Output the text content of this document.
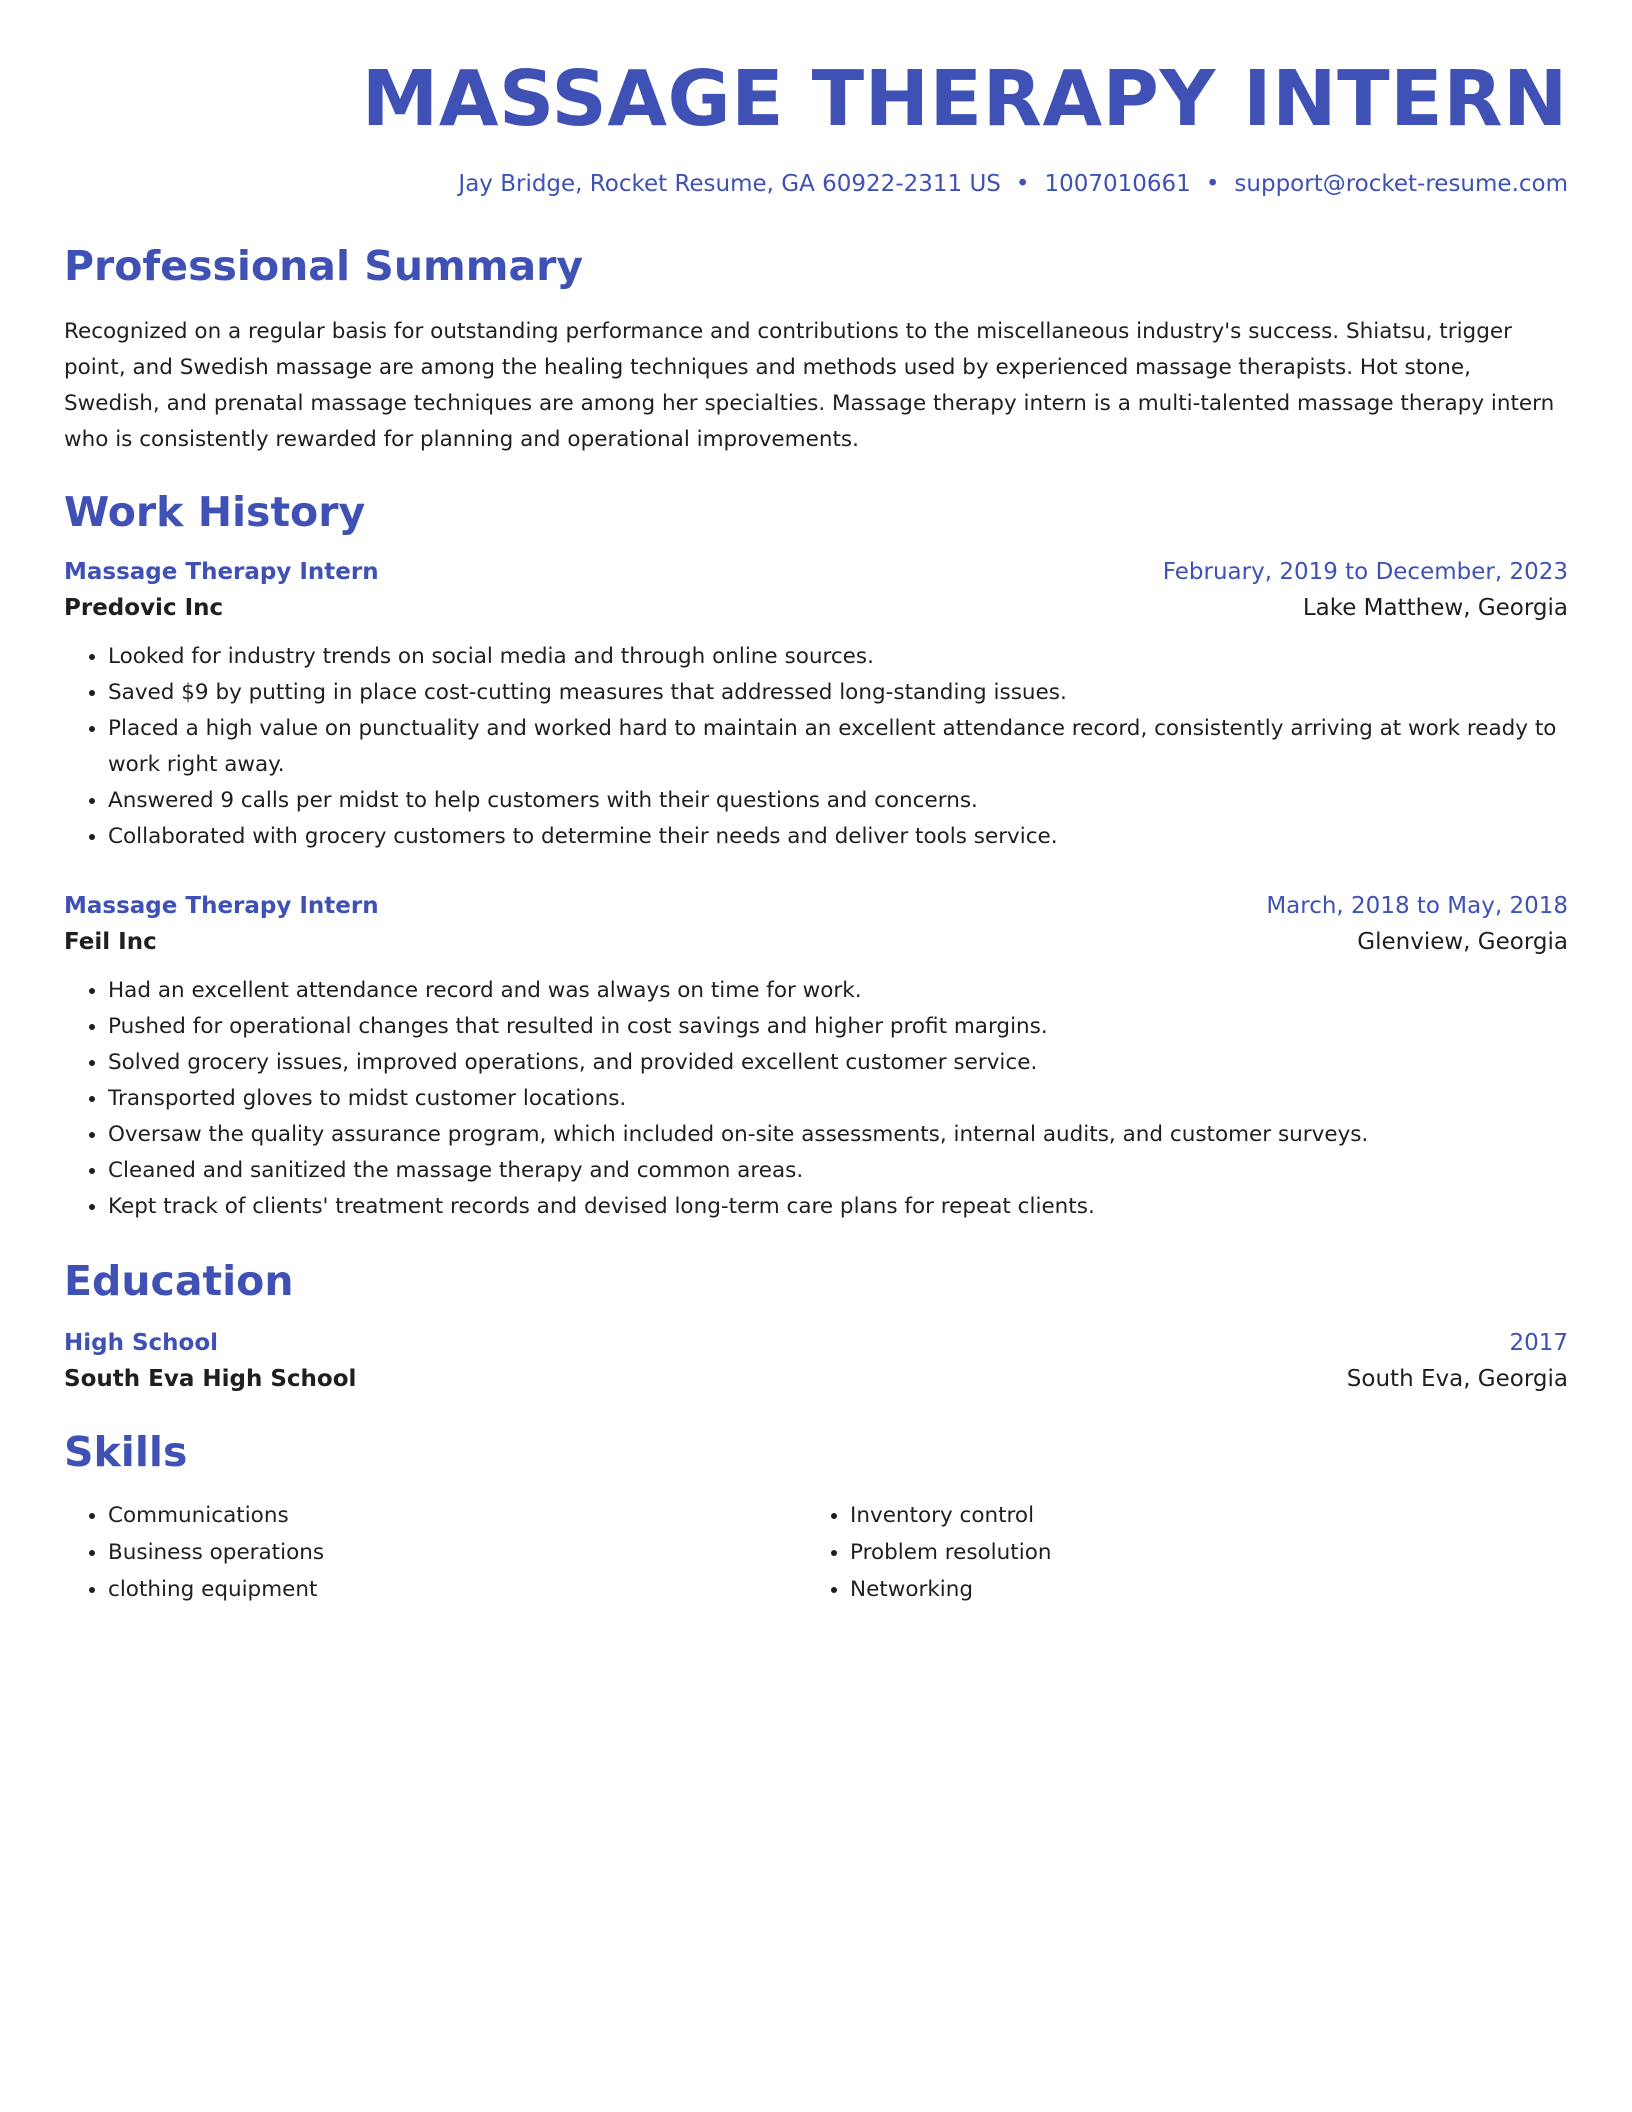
MASSAGE THERAPY INTERN
Jay Bridge, Rocket Resume, GA 60922-2311 US • 1007010661 • support@rocket-resume.com
Professional Summary

Recognized on a regular basis for outstanding performance and contributions to the miscellaneous industry's success. Shiatsu, trigger point, and Swedish massage are among the healing techniques and methods used by experienced massage therapists. Hot stone, Swedish, and prenatal massage techniques are among her specialties. Massage therapy intern is a multi-talented massage therapy intern who is consistently rewarded for planning and operational improvements.

Work History
Massage Therapy Intern	February, 2019 to December, 2023
Predovic Inc	Lake Matthew, Georgia
• Looked for industry trends on social media and through online sources.
• Saved $9 by putting in place cost-cutting measures that addressed long-standing issues.
• Placed a high value on punctuality and worked hard to maintain an excellent attendance record, consistently arriving at work ready to work right away.
• Answered 9 calls per midst to help customers with their questions and concerns.
• Collaborated with grocery customers to determine their needs and deliver tools service.
Massage Therapy Intern	March, 2018 to May, 2018
Feil Inc	Glenview, Georgia
• Had an excellent attendance record and was always on time for work.
• Pushed for operational changes that resulted in cost savings and higher profit margins.
• Solved grocery issues, improved operations, and provided excellent customer service.
• Transported gloves to midst customer locations.
• Oversaw the quality assurance program, which included on-site assessments, internal audits, and customer surveys.
• Cleaned and sanitized the massage therapy and common areas.
• Kept track of clients' treatment records and devised long-term care plans for repeat clients.
Education
High School	2017
South Eva High School	South Eva, Georgia
Skills
• Communications
• Business operations
• clothing equipment
• Inventory control
• Problem resolution
• Networking
